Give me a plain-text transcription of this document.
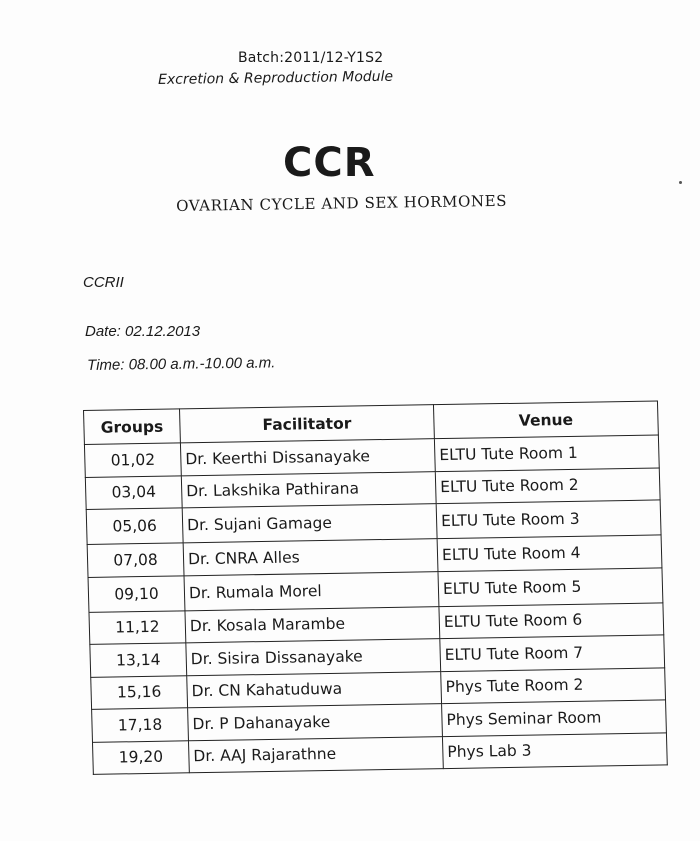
Batch:2011/12-Y1S2
Excretion & Reproduction Module
CCR
OVARIAN CYCLE AND SEX HORMONES
CCRII
Date: 02.12.2013
Time: 08.00 a.m.-10.00 a.m.
Groups	Facilitator	Venue
01,02	Dr. Keerthi Dissanayake	ELTU Tute Room 1
03,04	Dr. Lakshika Pathirana	ELTU Tute Room 2
05,06	Dr. Sujani Gamage	ELTU Tute Room 3
07,08	Dr. CNRA Alles	ELTU Tute Room 4
09,10	Dr. Rumala Morel	ELTU Tute Room 5
11,12	Dr. Kosala Marambe	ELTU Tute Room 6
13,14	Dr. Sisira Dissanayake	ELTU Tute Room 7
15,16	Dr. CN Kahatuduwa	Phys Tute Room 2
17,18	Dr. P Dahanayake	Phys Seminar Room
19,20	Dr. AAJ Rajarathne	Phys Lab 3
